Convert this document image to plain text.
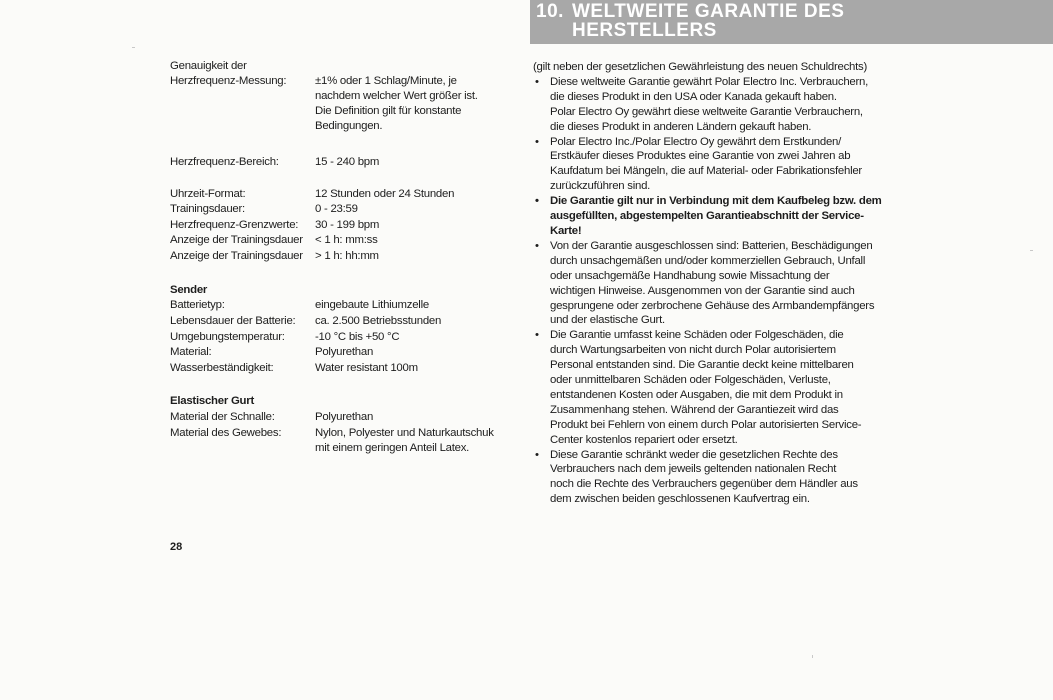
10. WELTWEITE GARANTIE DES
HERSTELLERS
Genauigkeit der
Herzfrequenz-Messung:	±1% oder 1 Schlag/Minute, je
nachdem welcher Wert größer ist.
Die Definition gilt für konstante
Bedingungen.
Herzfrequenz-Bereich:	15 - 240 bpm
Uhrzeit-Format:	12 Stunden oder 24 Stunden
Trainingsdauer:	0 - 23:59
Herzfrequenz-Grenzwerte:	30 - 199 bpm
Anzeige der Trainingsdauer	< 1 h: mm:ss
Anzeige der Trainingsdauer	> 1 h: hh:mm
Sender
Batterietyp:	eingebaute Lithiumzelle
Lebensdauer der Batterie:	ca. 2.500 Betriebsstunden
Umgebungstemperatur:	-10 °C bis +50 °C
Material:	Polyurethan
Wasserbeständigkeit:	Water resistant 100m
Elastischer Gurt
Material der Schnalle:	Polyurethan
Material des Gewebes:	Nylon, Polyester und Naturkautschuk
mit einem geringen Anteil Latex.
(gilt neben der gesetzlichen Gewährleistung des neuen Schuldrechts)
• Diese weltweite Garantie gewährt Polar Electro Inc. Verbrauchern,
die dieses Produkt in den USA oder Kanada gekauft haben.
Polar Electro Oy gewährt diese weltweite Garantie Verbrauchern,
die dieses Produkt in anderen Ländern gekauft haben.
• Polar Electro Inc./Polar Electro Oy gewährt dem Erstkunden/
Erstkäufer dieses Produktes eine Garantie von zwei Jahren ab
Kaufdatum bei Mängeln, die auf Material- oder Fabrikationsfehler
zurückzuführen sind.
• Die Garantie gilt nur in Verbindung mit dem Kaufbeleg bzw. dem
ausgefüllten, abgestempelten Garantieabschnitt der Service-Karte!
• Von der Garantie ausgeschlossen sind: Batterien, Beschädigungen
durch unsachgemäßen und/oder kommerziellen Gebrauch, Unfall
oder unsachgemäße Handhabung sowie Missachtung der
wichtigen Hinweise. Ausgenommen von der Garantie sind auch
gesprungene oder zerbrochene Gehäuse des Armbandempfängers
und der elastische Gurt.
• Die Garantie umfasst keine Schäden oder Folgeschäden, die
durch Wartungsarbeiten von nicht durch Polar autorisiertem
Personal entstanden sind. Die Garantie deckt keine mittelbaren
oder unmittelbaren Schäden oder Folgeschäden, Verluste,
entstandenen Kosten oder Ausgaben, die mit dem Produkt in
Zusammenhang stehen. Während der Garantiezeit wird das
Produkt bei Fehlern von einem durch Polar autorisierten Service-
Center kostenlos repariert oder ersetzt.
• Diese Garantie schränkt weder die gesetzlichen Rechte des
Verbrauchers nach dem jeweils geltenden nationalen Recht
noch die Rechte des Verbrauchers gegenüber dem Händler aus
dem zwischen beiden geschlossenen Kaufvertrag ein.
28
